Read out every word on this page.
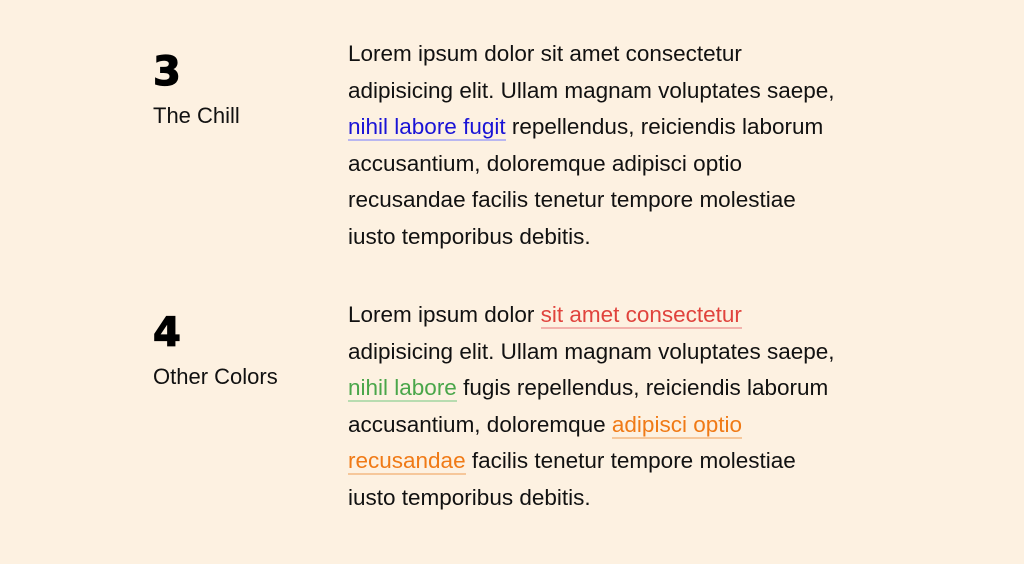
3
The Chill

Lorem ipsum dolor sit amet consectetur adipisicing elit. Ullam magnam voluptates saepe, nihil labore fugit repellendus, reiciendis laborum accusantium, doloremque adipisci optio recusandae facilis tenetur tempore molestiae iusto temporibus debitis.

4
Other Colors

Lorem ipsum dolor sit amet consectetur adipisicing elit. Ullam magnam voluptates saepe, nihil labore fugis repellendus, reiciendis laborum accusantium, doloremque adipisci optio recusandae facilis tenetur tempore molestiae iusto temporibus debitis.
